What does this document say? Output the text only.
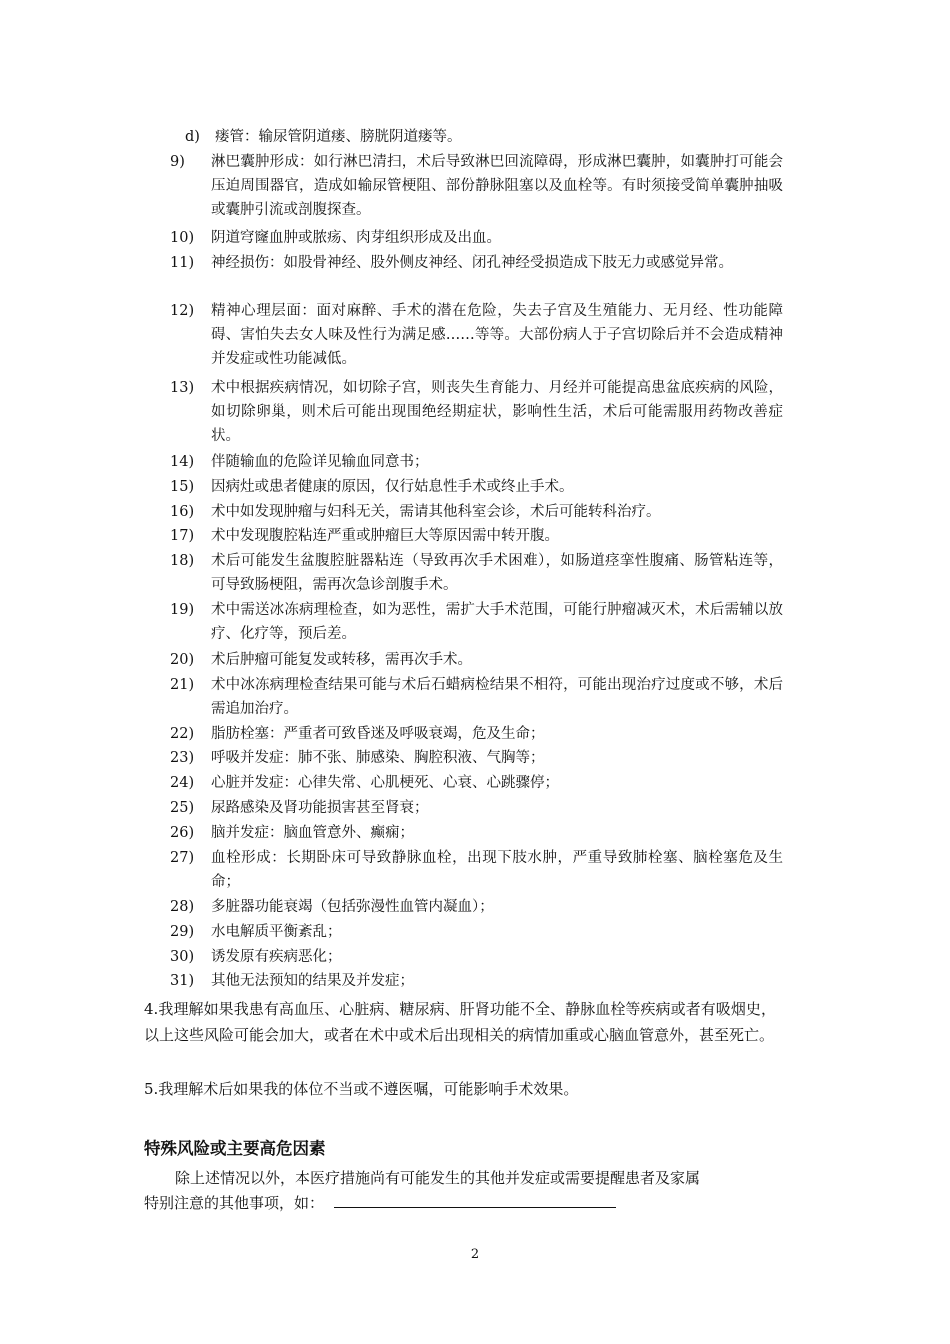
d) 瘘管：输尿管阴道瘘、膀胱阴道瘘等。
9) 淋巴囊肿形成：如行淋巴清扫，术后导致淋巴回流障碍，形成淋巴囊肿，如囊肿打可能会压迫周围器官，造成如输尿管梗阻、部份静脉阻塞以及血栓等。有时须接受简单囊肿抽吸或囊肿引流或剖腹探查。
10) 阴道穹窿血肿或脓疡、肉芽组织形成及出血。
11) 神经损伤：如股骨神经、股外侧皮神经、闭孔神经受损造成下肢无力或感觉异常。
12) 精神心理层面：面对麻醉、手术的潜在危险，失去子宫及生殖能力、无月经、性功能障碍、害怕失去女人味及性行为满足感……等等。大部份病人于子宫切除后并不会造成精神并发症或性功能减低。
13) 术中根据疾病情况，如切除子宫，则丧失生育能力、月经并可能提高患盆底疾病的风险，如切除卵巢，则术后可能出现围绝经期症状，影响性生活，术后可能需服用药物改善症状。
14) 伴随输血的危险详见输血同意书；
15) 因病灶或患者健康的原因，仅行姑息性手术或终止手术。
16) 术中如发现肿瘤与妇科无关，需请其他科室会诊，术后可能转科治疗。
17) 术中发现腹腔粘连严重或肿瘤巨大等原因需中转开腹。
18) 术后可能发生盆腹腔脏器粘连（导致再次手术困难），如肠道痉挛性腹痛、肠管粘连等，可导致肠梗阻，需再次急诊剖腹手术。
19) 术中需送冰冻病理检查，如为恶性，需扩大手术范围，可能行肿瘤减灭术，术后需辅以放疗、化疗等，预后差。
20) 术后肿瘤可能复发或转移，需再次手术。
21) 术中冰冻病理检查结果可能与术后石蜡病检结果不相符，可能出现治疗过度或不够，术后需追加治疗。
22) 脂肪栓塞：严重者可致昏迷及呼吸衰竭，危及生命；
23) 呼吸并发症：肺不张、肺感染、胸腔积液、气胸等；
24) 心脏并发症：心律失常、心肌梗死、心衰、心跳骤停；
25) 尿路感染及肾功能损害甚至肾衰；
26) 脑并发症：脑血管意外、癫痫；
27) 血栓形成：长期卧床可导致静脉血栓，出现下肢水肿，严重导致肺栓塞、脑栓塞危及生命；
28) 多脏器功能衰竭（包括弥漫性血管内凝血）；
29) 水电解质平衡紊乱；
30) 诱发原有疾病恶化；
31) 其他无法预知的结果及并发症；
4.我理解如果我患有高血压、心脏病、糖尿病、肝肾功能不全、静脉血栓等疾病或者有吸烟史，以上这些风险可能会加大，或者在术中或术后出现相关的病情加重或心脑血管意外，甚至死亡。
5.我理解术后如果我的体位不当或不遵医嘱，可能影响手术效果。
特殊风险或主要高危因素
除上述情况以外，本医疗措施尚有可能发生的其他并发症或需要提醒患者及家属
特别注意的其他事项，如：
2
